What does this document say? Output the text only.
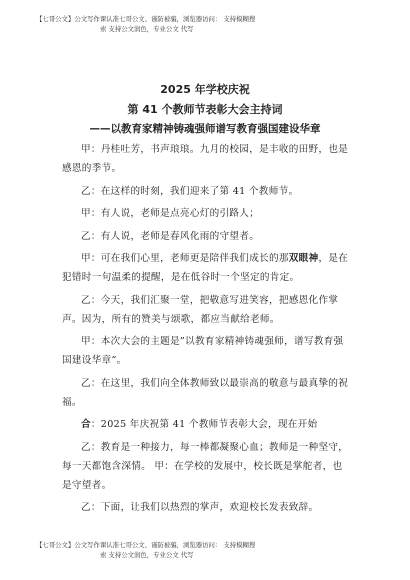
【七哥公文】公文写作课认准七哥公文、谨防被骗，浏览器访问： 支持模糊搜
索 支持公文润色，专业公文 代写
2025 年学校庆祝
第 41 个教师节表彰大会主持词
——以教育家精神铸魂强师谱写教育强国建设华章

甲：丹桂吐芳，书声琅琅。九月的校园，是丰收的田野，也是感恩的季节。

乙：在这样的时刻，我们迎来了第 41 个教师节。

甲：有人说，老师是点亮心灯的引路人；

乙：有人说，老师是春风化雨的守望者。

甲：可在我们心里，老师更是陪伴我们成长的那双眼神，是在犯错时一句温柔的提醒，是在低谷时一个坚定的肯定。

乙：今天，我们汇聚一堂，把敬意写进笑容，把感恩化作掌声。因为，所有的赞美与颂歌，都应当献给老师。

甲：本次大会的主题是”以教育家精神铸魂强师，谱写教育强国建设华章”。

乙：在这里，我们向全体教师致以最崇高的敬意与最真挚的祝福。

合：2025 年庆祝第 41 个教师节表彰大会，现在开始

乙：教育是一种接力，每一棒都凝聚心血；教师是一种坚守，每一天都饱含深情。 甲：在学校的发展中，校长既是掌舵者，也是守望者。

乙：下面，让我们以热烈的掌声，欢迎校长发表致辞。

【七哥公文】公文写作课认准七哥公文、谨防被骗，浏览器访问： 支持模糊搜
索 支持公文润色，专业公文 代写
